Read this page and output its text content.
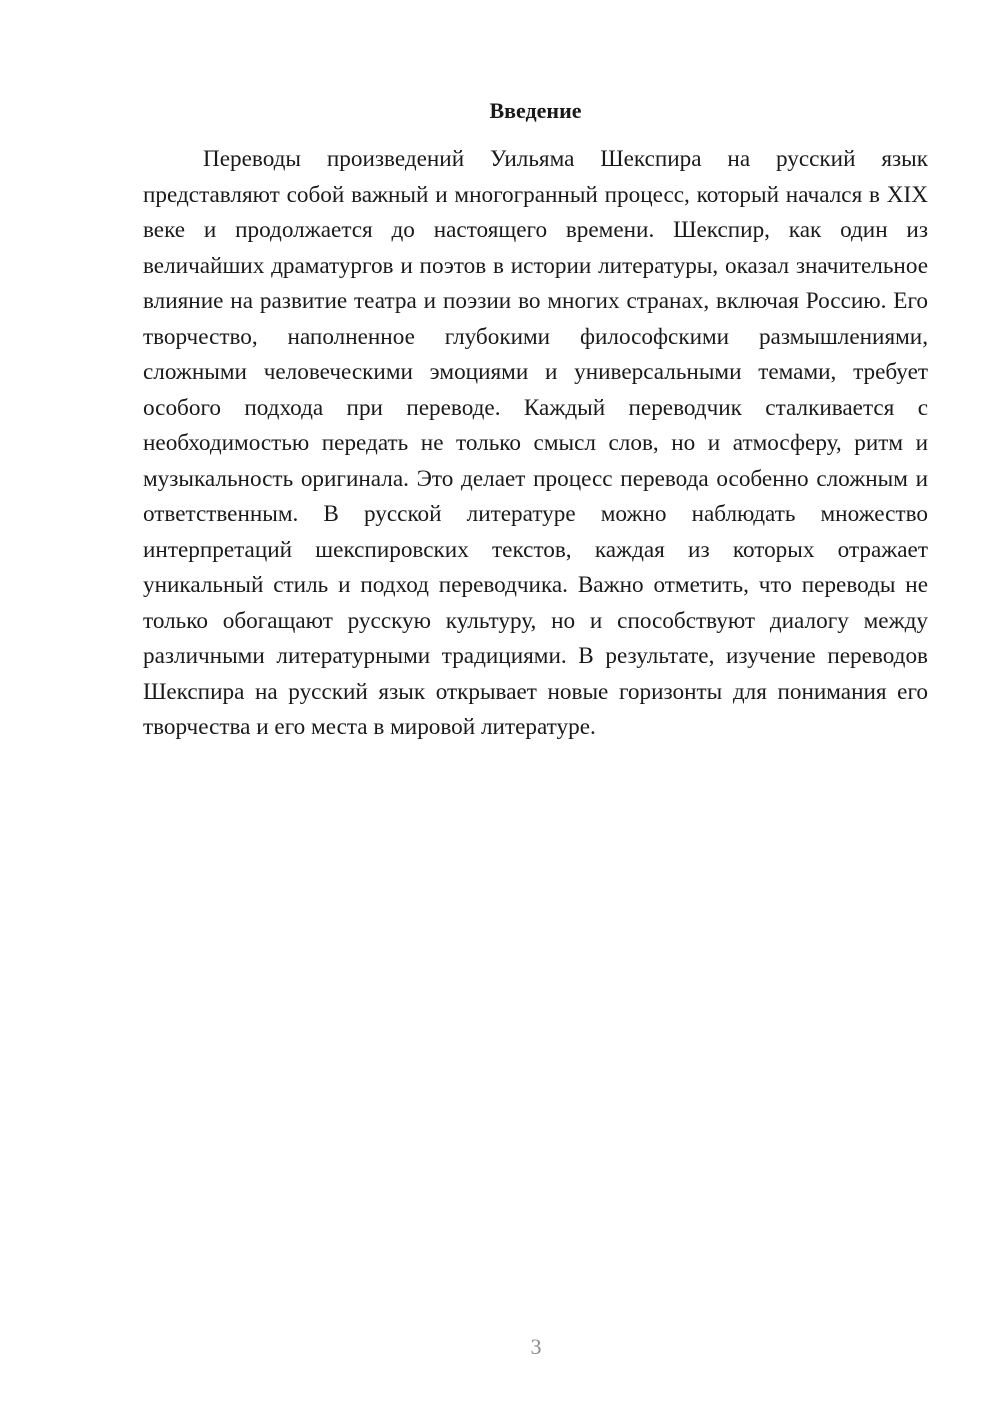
Введение

Переводы произведений Уильяма Шекспира на русский язык представляют собой важный и многогранный процесс, который начался в XIX веке и продолжается до настоящего времени. Шекспир, как один из величайших драматургов и поэтов в истории литературы, оказал значительное влияние на развитие театра и поэзии во многих странах, включая Россию. Его творчество, наполненное глубокими философскими размышлениями, сложными человеческими эмоциями и универсальными темами, требует особого подхода при переводе. Каждый переводчик сталкивается с необходимостью передать не только смысл слов, но и атмосферу, ритм и музыкальность оригинала. Это делает процесс перевода особенно сложным и ответственным. В русской литературе можно наблюдать множество интерпретаций шекспировских текстов, каждая из которых отражает уникальный стиль и подход переводчика. Важно отметить, что переводы не только обогащают русскую культуру, но и способствуют диалогу между различными литературными традициями. В результате, изучение переводов Шекспира на русский язык открывает новые горизонты для понимания его творчества и его места в мировой литературе.

3
